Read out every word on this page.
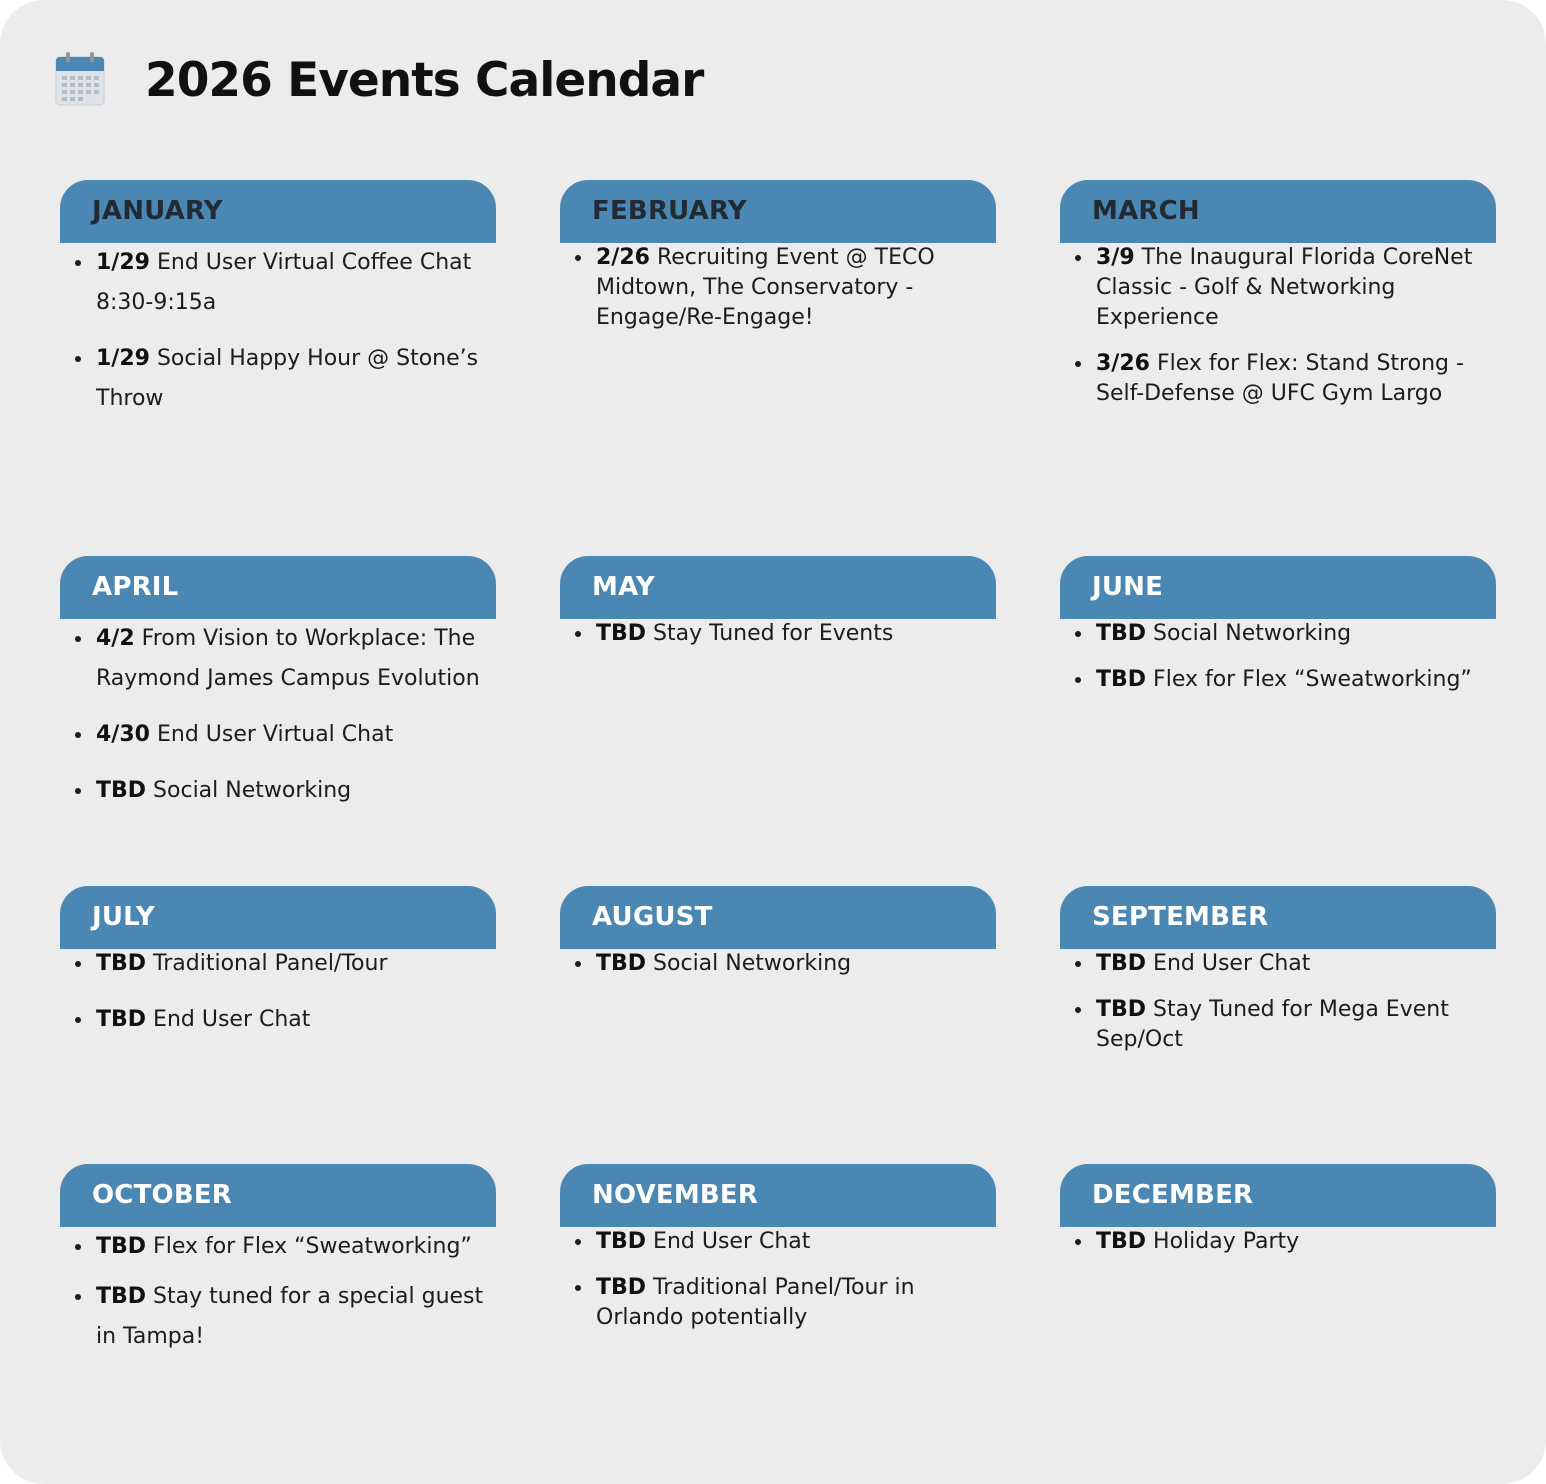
2026 Events Calendar
JANUARY
1/29 End User Virtual Coffee Chat 8:30-9:15a
1/29 Social Happy Hour @ Stone’s Throw
FEBRUARY
2/26 Recruiting Event @ TECO Midtown, The Conservatory - Engage/Re-Engage!
MARCH
3/9 The Inaugural Florida CoreNet Classic - Golf & Networking Experience
3/26 Flex for Flex: Stand Strong - Self-Defense @ UFC Gym Largo
APRIL
4/2 From Vision to Workplace: The Raymond James Campus Evolution
4/30 End User Virtual Chat
TBD Social Networking
MAY
TBD Stay Tuned for Events
JUNE
TBD Social Networking
TBD Flex for Flex “Sweatworking”
JULY
TBD Traditional Panel/Tour
TBD End User Chat
AUGUST
TBD Social Networking
SEPTEMBER
TBD End User Chat
TBD Stay Tuned for Mega Event Sep/Oct
OCTOBER
TBD Flex for Flex “Sweatworking”
TBD Stay tuned for a special guest in Tampa!
NOVEMBER
TBD End User Chat
TBD Traditional Panel/Tour in Orlando potentially
DECEMBER
TBD Holiday Party
